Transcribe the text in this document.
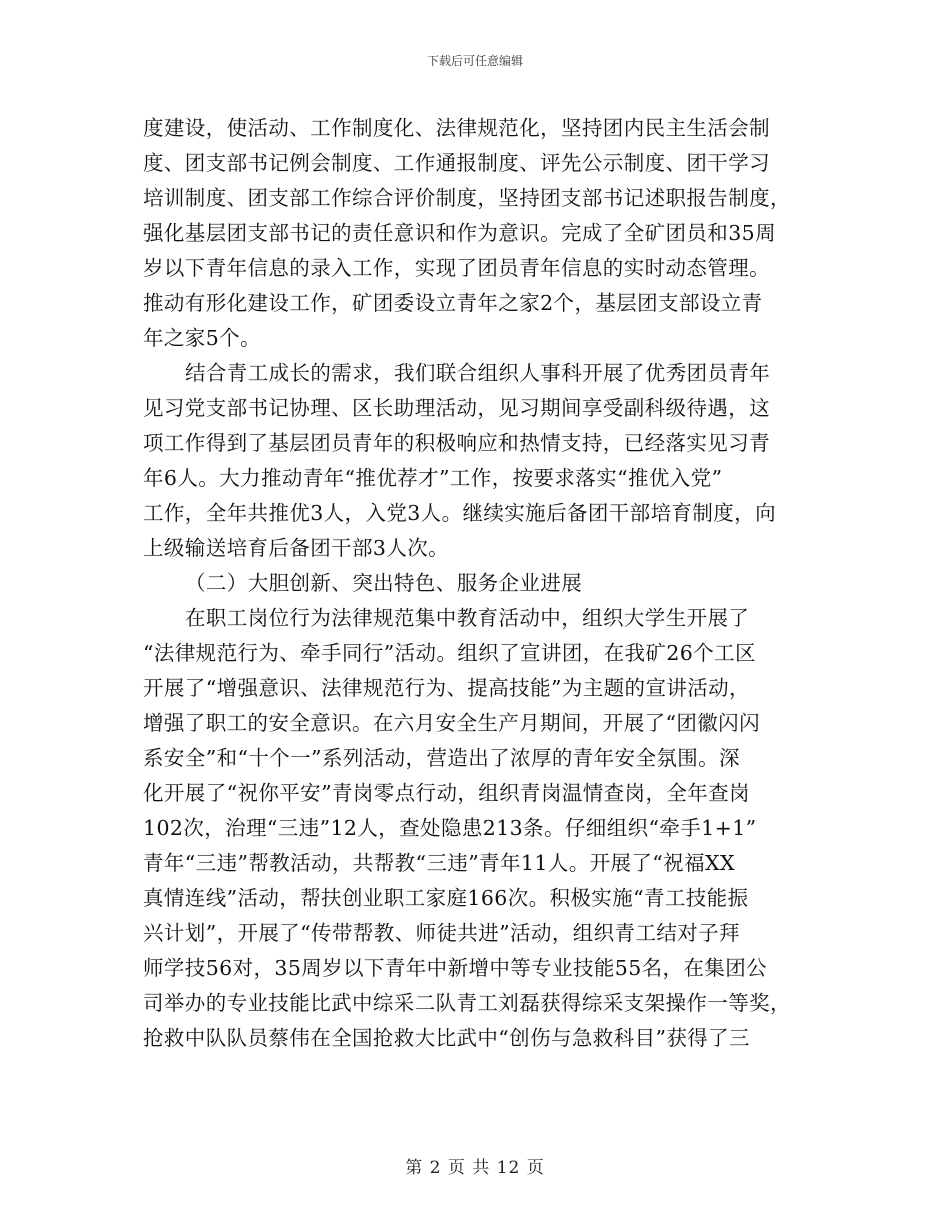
下载后可任意编辑
度建设，使活动、工作制度化、法律规范化，坚持团内民主生活会制
度、团支部书记例会制度、工作通报制度、评先公示制度、团干学习
培训制度、团支部工作综合评价制度，坚持团支部书记述职报告制度，
强化基层团支部书记的责任意识和作为意识。完成了全矿团员和35周
岁以下青年信息的录入工作，实现了团员青年信息的实时动态管理。
推动有形化建设工作，矿团委设立青年之家2个，基层团支部设立青
年之家5个。
结合青工成长的需求，我们联合组织人事科开展了优秀团员青年
见习党支部书记协理、区长助理活动，见习期间享受副科级待遇，这
项工作得到了基层团员青年的积极响应和热情支持，已经落实见习青
年6人。大力推动青年“推优荐才”工作，按要求落实“推优入党”
工作，全年共推优3人，入党3人。继续实施后备团干部培育制度，向
上级输送培育后备团干部3人次。
（二）大胆创新、突出特色、服务企业进展
在职工岗位行为法律规范集中教育活动中，组织大学生开展了
“法律规范行为、牵手同行”活动。组织了宣讲团，在我矿26个工区
开展了“增强意识、法律规范行为、提高技能”为主题的宣讲活动，
增强了职工的安全意识。在六月安全生产月期间，开展了“团徽闪闪
系安全”和“十个一”系列活动，营造出了浓厚的青年安全氛围。深
化开展了“祝你平安”青岗零点行动，组织青岗温情查岗，全年查岗
102次，治理“三违”12人，查处隐患213条。仔细组织“牵手1+1”
青年“三违”帮教活动，共帮教“三违”青年11人。开展了“祝福XX
真情连线”活动，帮扶创业职工家庭166次。积极实施“青工技能振
兴计划”，开展了“传带帮教、师徒共进”活动，组织青工结对子拜
师学技56对，35周岁以下青年中新增中等专业技能55名，在集团公
司举办的专业技能比武中综采二队青工刘磊获得综采支架操作一等奖，
抢救中队队员蔡伟在全国抢救大比武中“创伤与急救科目”获得了三
第 2 页 共 12 页
